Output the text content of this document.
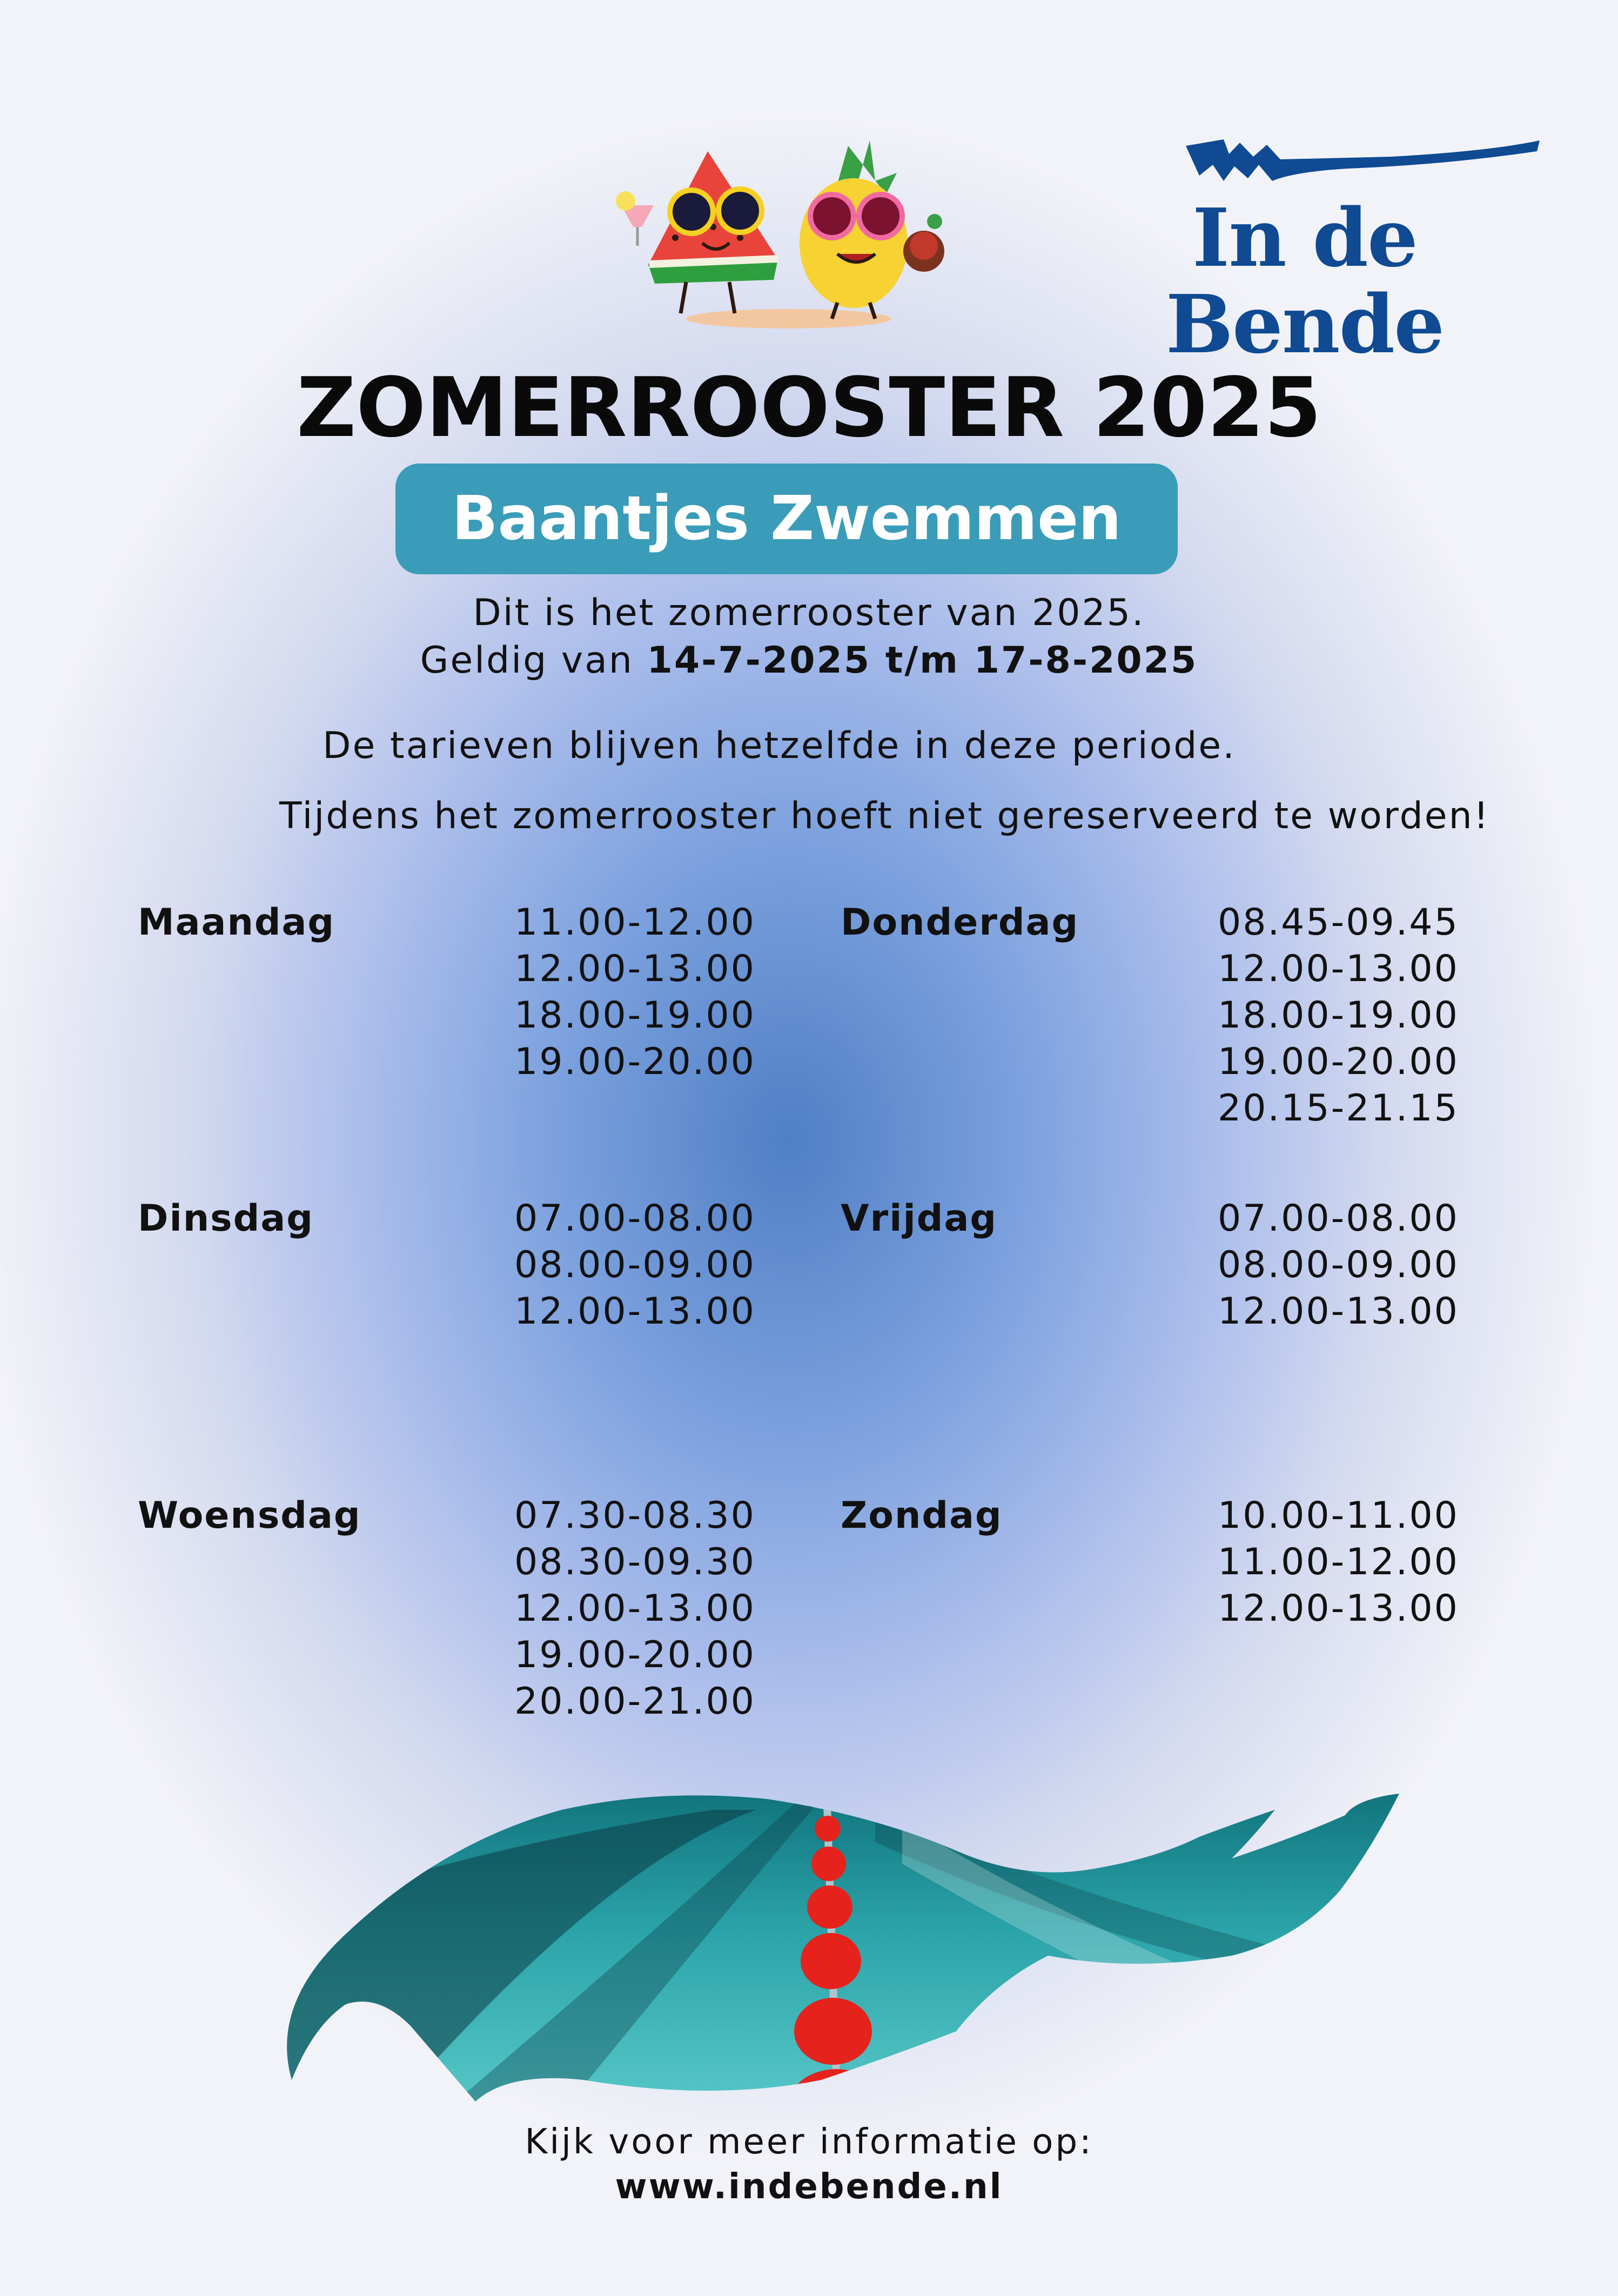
In de Bende
ZOMERROOSTER 2025
Baantjes Zwemmen
Dit is het zomerrooster van 2025.
Geldig van 14-7-2025 t/m 17-8-2025
De tarieven blijven hetzelfde in deze periode.
Tijdens het zomerrooster hoeft niet gereserveerd te worden!
Maandag	11.00-12.00
12.00-13.00
18.00-19.00
19.00-20.00
Dinsdag	07.00-08.00
08.00-09.00
12.00-13.00
Woensdag	07.30-08.30
08.30-09.30
12.00-13.00
19.00-20.00
20.00-21.00
Donderdag	08.45-09.45
12.00-13.00
18.00-19.00
19.00-20.00
20.15-21.15
Vrijdag	07.00-08.00
08.00-09.00
12.00-13.00
Zondag	10.00-11.00
11.00-12.00
12.00-13.00
Kijk voor meer informatie op:
www.indebende.nl
